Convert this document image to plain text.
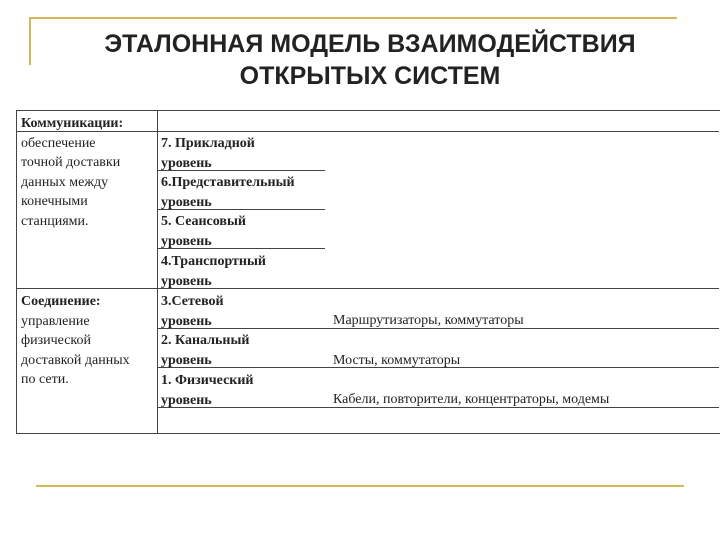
ЭТАЛОННАЯ МОДЕЛЬ ВЗАИМОДЕЙСТВИЯ
ОТКРЫТЫХ СИСТЕМ
Коммуникации:
обеспечение
точной доставки
данных между
конечными
станциями.
Соединение:
управление
физической
доставкой данных
по сети.
7. Прикладной
уровень
6.Представительный
уровень
5. Сеансовый
уровень
4.Транспортный
уровень
3.Сетевой
уровень
2. Канальный
уровень
1. Физический
уровень
Маршрутизаторы, коммутаторы
Мосты, коммутаторы
Кабели, повторители, концентраторы, модемы
